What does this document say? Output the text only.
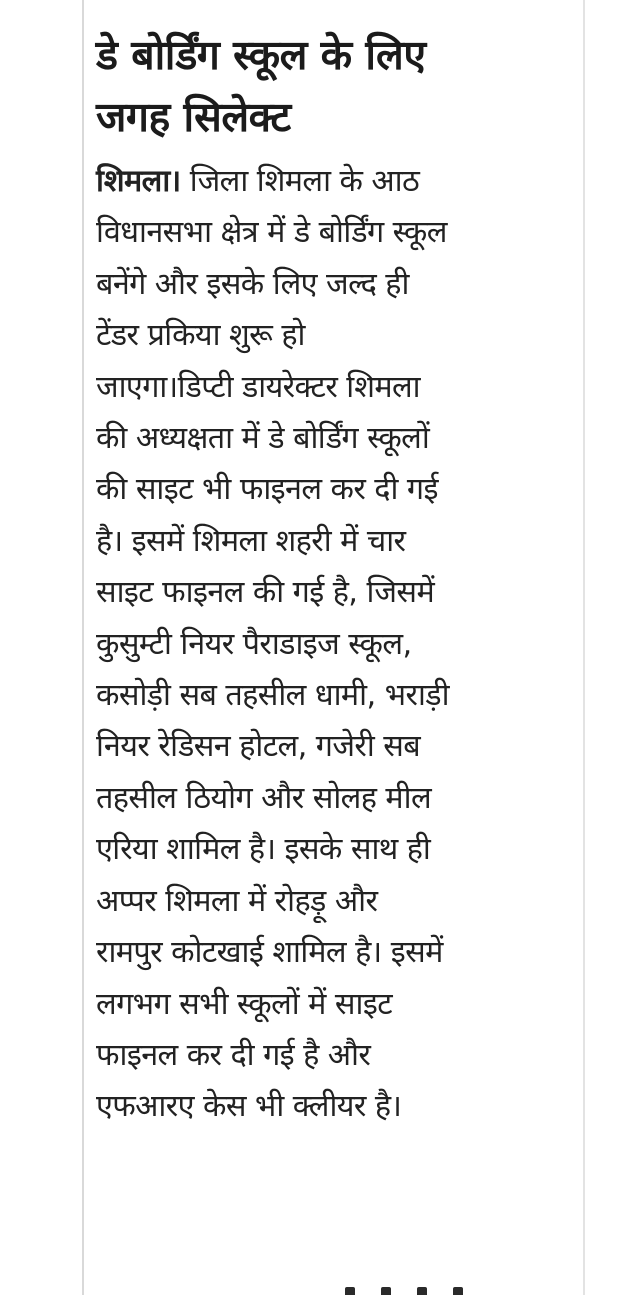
डे बोर्डिंग स्कूल के लिए
जगह सिलेक्ट
शिमला। जिला शिमला के आठ
विधानसभा क्षेत्र में डे बोर्डिंग स्कूल
बनेंगे और इसके लिए जल्द ही
टेंडर प्रकिया शुरू हो
जाएगा।डिप्टी डायरेक्टर शिमला
की अध्यक्षता में डे बोर्डिंग स्कूलों
की साइट भी फाइनल कर दी गई
है। इसमें शिमला शहरी में चार
साइट फाइनल की गई है, जिसमें
कुसुम्टी नियर पैराडाइज स्कूल,
कसोड़ी सब तहसील धामी, भराड़ी
नियर रेडिसन होटल, गजेरी सब
तहसील ठियोग और सोलह मील
एरिया शामिल है। इसके साथ ही
अप्पर शिमला में रोहड़ू और
रामपुर कोटखाई शामिल है। इसमें
लगभग सभी स्कूलों में साइट
फाइनल कर दी गई है और
एफआरए केस भी क्लीयर है।
